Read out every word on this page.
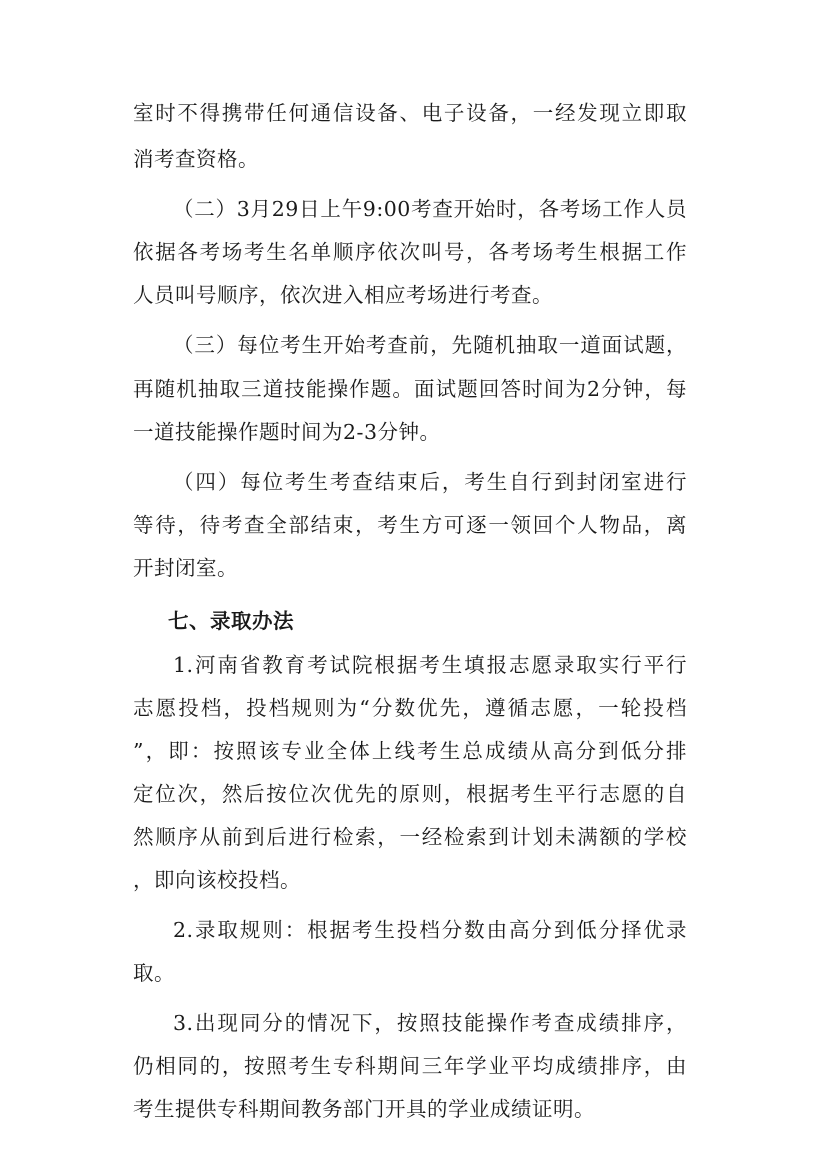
室时不得携带任何通信设备、电子设备，一经发现立即取
消考查资格。
（二）3月29日上午9:00考查开始时，各考场工作人员
依据各考场考生名单顺序依次叫号，各考场考生根据工作
人员叫号顺序，依次进入相应考场进行考查。
（三）每位考生开始考查前，先随机抽取一道面试题，
再随机抽取三道技能操作题。面试题回答时间为2分钟，每
一道技能操作题时间为2-3分钟。
（四）每位考生考查结束后，考生自行到封闭室进行
等待，待考查全部结束，考生方可逐一领回个人物品，离
开封闭室。
七、录取办法
1.河南省教育考试院根据考生填报志愿录取实行平行
志愿投档，投档规则为“分数优先，遵循志愿，一轮投档
”，即：按照该专业全体上线考生总成绩从高分到低分排
定位次，然后按位次优先的原则，根据考生平行志愿的自
然顺序从前到后进行检索，一经检索到计划未满额的学校
，即向该校投档。
2.录取规则：根据考生投档分数由高分到低分择优录
取。
3.出现同分的情况下，按照技能操作考查成绩排序，
仍相同的，按照考生专科期间三年学业平均成绩排序，由
考生提供专科期间教务部门开具的学业成绩证明。
